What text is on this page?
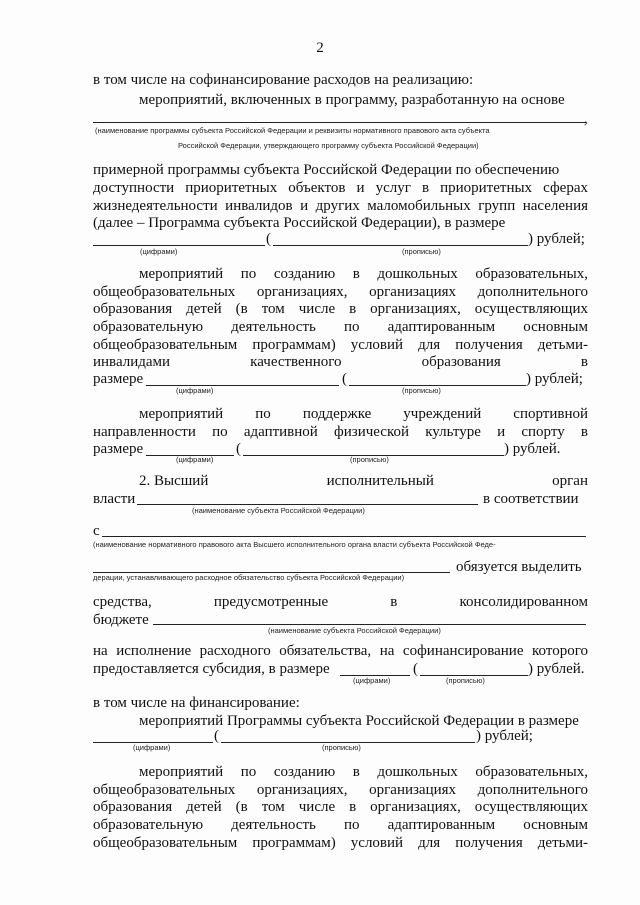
2
в том числе на софинансирование расходов на реализацию:
мероприятий, включенных в программу, разработанную на основе
,
(наименование программы субъекта Российской Федерации и реквизиты нормативного правового акта субъекта
Российской Федерации, утверждающего программу субъекта Российской Федерации)
примерной программы субъекта Российской Федерации по обеспечению
доступности приоритетных объектов и услуг в приоритетных сферах
жизнедеятельности инвалидов и других маломобильных групп населения
(далее – Программа субъекта Российской Федерации), в размере
(	) рублей;
(цифрами)	(прописью)
мероприятий по созданию в дошкольных образовательных,
общеобразовательных организациях, организациях дополнительного
образования детей (в том числе в организациях, осуществляющих
образовательную деятельность по адаптированным основным
общеобразовательным программам) условий для получения детьми-
инвалидами	качественного	образования	в
размере	(	) рублей;
(цифрами)	(прописью)
мероприятий по поддержке учреждений спортивной
направленности по адаптивной физической культуре и спорту в
размере	(	) рублей.
(цифрами)	(прописью)
2. Высший	исполнительный	орган
власти	в соответствии
(наименование субъекта Российской Федерации)
с
(наименование нормативного правового акта Высшего исполнительного органа власти субъекта Российской Феде-
обязуется выделить
дерации, устанавливающего расходное обязательство субъекта Российской Федерации)
средства,	предусмотренные	в	консолидированном
бюджете
(наименование субъекта Российской Федерации)
на исполнение расходного обязательства, на софинансирование которого
предоставляется субсидия, в размере	(	) рублей.
(цифрами)	(прописью)
в том числе на финансирование:
мероприятий Программы субъекта Российской Федерации в размере
(	) рублей;
(цифрами)	(прописью)
мероприятий по созданию в дошкольных образовательных,
общеобразовательных организациях, организациях дополнительного
образования детей (в том числе в организациях, осуществляющих
образовательную деятельность по адаптированным основным
общеобразовательным программам) условий для получения детьми-
